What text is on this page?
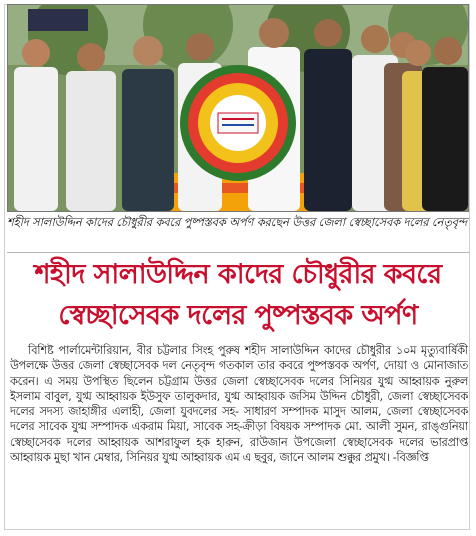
শহীদ সালাউদ্দিন কাদের চৌধুরীর কবরে পুষ্পস্তবক অর্পণ করছেন উত্তর জেলা স্বেচ্ছাসেবক দলের নেতৃবৃন্দ
শহীদ সালাউদ্দিন কাদের চৌধুরীর কবরে স্বেচ্ছাসেবক দলের পুষ্পস্তবক অর্পণ

বিশিষ্ট পার্লামেন্টারিয়ান, বীর চট্টলার সিংহ পুরুষ শহীদ সালাউদ্দিন কাদের চৌধুরীর ১০ম মৃত্যুবার্ষিকী উপলক্ষে উত্তর জেলা স্বেচ্ছাসেবক দল নেতৃবৃন্দ গতকাল তার কবরে পুষ্পস্তবক অর্পণ, দোয়া ও মোনাজাত করেন। এ সময় উপস্থিত ছিলেন চট্টগ্রাম উত্তর জেলা স্বেচ্ছাসেবক দলের সিনিয়র যুগ্ম আহ্বায়ক নুরুল ইসলাম বাবুল, যুগ্ম আহ্বায়ক ইউসুফ তালুকদার, যুগ্ম আহ্বায়ক জসিম উদ্দিন চৌধুরী, জেলা স্বেচ্ছাসেবক দলের সদস্য জাহাঙ্গীর এলাহী, জেলা যুবদলের সহ- সাধারণ সম্পাদক মাসুদ আলম, জেলা স্বেচ্ছাসেবক দলের সাবেক যুগ্ম সম্পাদক একরাম মিয়া, সাবেক সহ-ক্রীড়া বিষয়ক সম্পাদক মো. আলী সুমন, রাঙ্গুনিয়া স্বেচ্ছাসেবক দলের আহ্বায়ক আশরাফুল হক হারুন, রাউজান উপজেলা স্বেচ্ছাসেবক দলের ভারপ্রাপ্ত আহ্বায়ক মুছা খান মেম্বার, সিনিয়র যুগ্ম আহ্বায়ক এম এ ছবুর, জানে আলম শুক্কুর প্রমুখ। -বিজ্ঞপ্তি
